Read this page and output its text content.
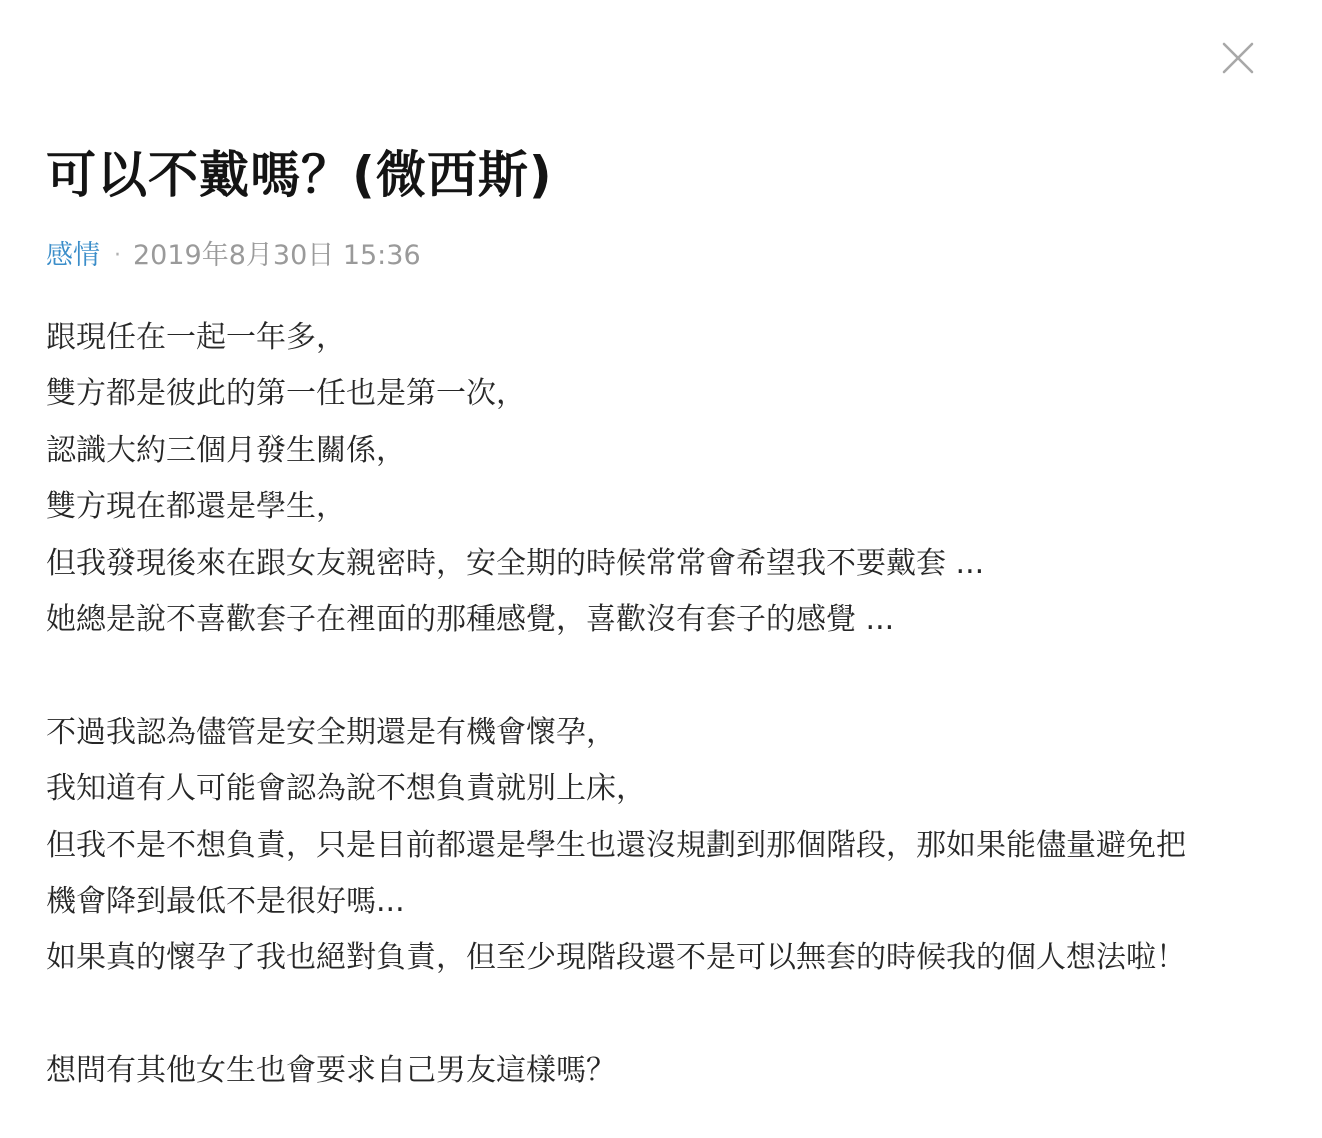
可以不戴嗎？(微西斯)
感情 · 2019年8月30日 15:36

跟現任在一起一年多，

雙方都是彼此的第一任也是第一次，

認識大約三個月發生關係，

雙方現在都還是學生，

但我發現後來在跟女友親密時，安全期的時候常常會希望我不要戴套 ...

她總是說不喜歡套子在裡面的那種感覺，喜歡沒有套子的感覺 ...

不過我認為儘管是安全期還是有機會懷孕，

我知道有人可能會認為說不想負責就別上床，

但我不是不想負責，只是目前都還是學生也還沒規劃到那個階段，那如果能儘量避免把

機會降到最低不是很好嗎...

如果真的懷孕了我也絕對負責，但至少現階段還不是可以無套的時候我的個人想法啦！

想問有其他女生也會要求自己男友這樣嗎？
